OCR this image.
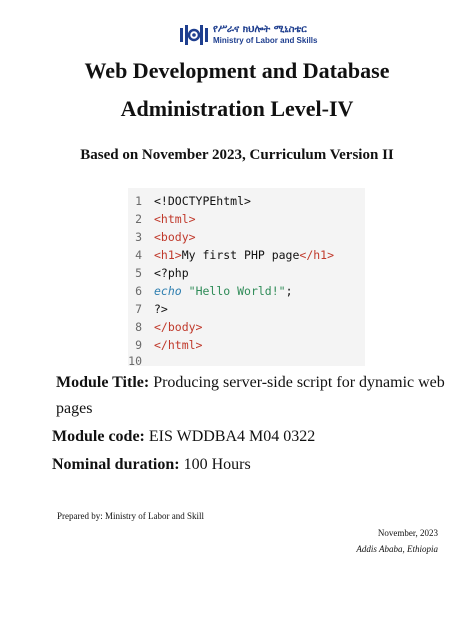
የሥራና ክህሎት ሚኒስቴር
Ministry of Labor and Skills
Web Development and Database
Administration Level-IV
Based on November 2023, Curriculum Version II
1 <!DOCTYPEhtml>
2 <html>
3 <body>
4 <h1>My first PHP page</h1>
5 <?php
6 echo "Hello World!";
7 ?>
8 </body>
9 </html>
10
Module Title: Producing server-side script for dynamic web
pages
Module code: EIS WDDBA4 M04 0322
Nominal duration: 100 Hours
Prepared by: Ministry of Labor and Skill
November, 2023
Addis Ababa, Ethiopia
